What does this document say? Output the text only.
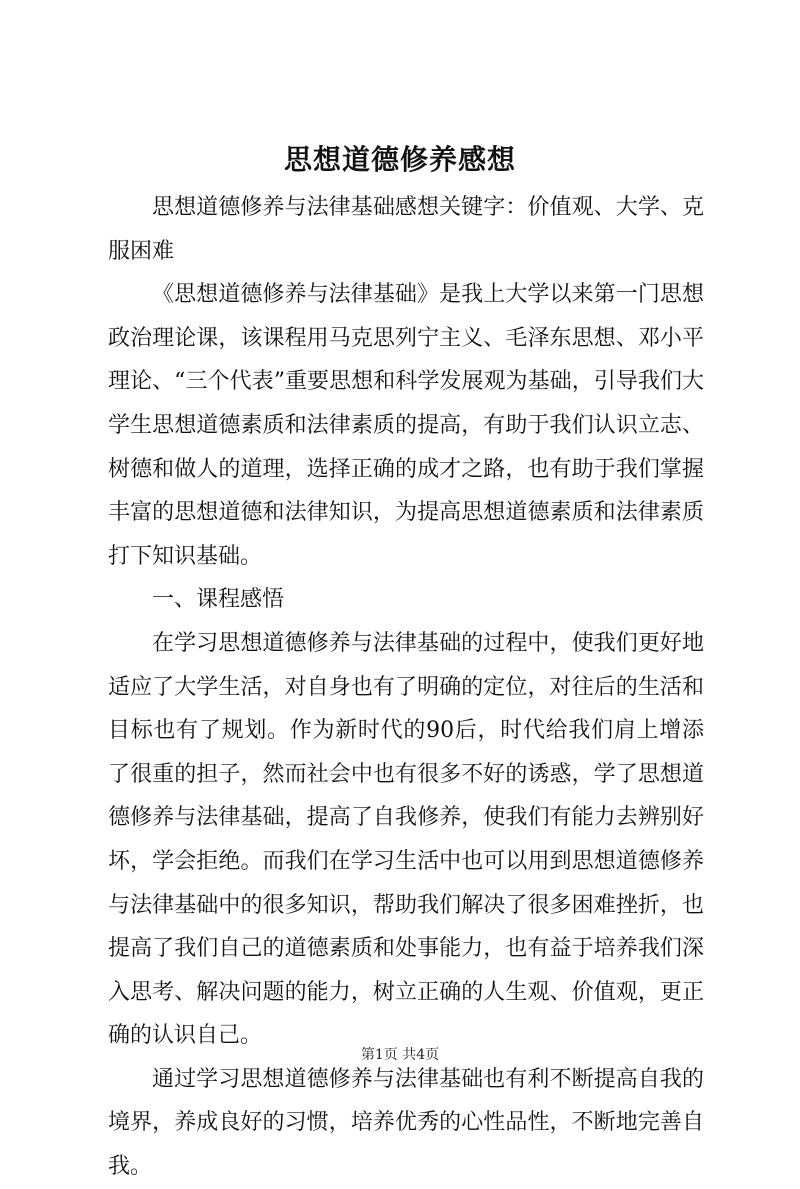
思想道德修养感想

思想道德修养与法律基础感想关键字：价值观、大学、克服困难

《思想道德修养与法律基础》是我上大学以来第一门思想政治理论课，该课程用马克思列宁主义、毛泽东思想、邓小平理论、“三个代表”重要思想和科学发展观为基础，引导我们大学生思想道德素质和法律素质的提高，有助于我们认识立志、树德和做人的道理，选择正确的成才之路，也有助于我们掌握丰富的思想道德和法律知识，为提高思想道德素质和法律素质打下知识基础。

一、课程感悟

在学习思想道德修养与法律基础的过程中，使我们更好地适应了大学生活，对自身也有了明确的定位，对往后的生活和目标也有了规划。作为新时代的90后，时代给我们肩上增添了很重的担子，然而社会中也有很多不好的诱惑，学了思想道德修养与法律基础，提高了自我修养，使我们有能力去辨别好坏，学会拒绝。而我们在学习生活中也可以用到思想道德修养与法律基础中的很多知识，帮助我们解决了很多困难挫折，也提高了我们自己的道德素质和处事能力，也有益于培养我们深入思考、解决问题的能力，树立正确的人生观、价值观，更正确的认识自己。

通过学习思想道德修养与法律基础也有利不断提高自我的境界，养成良好的习惯，培养优秀的心性品性，不断地完善自我。

第1页 共4页
